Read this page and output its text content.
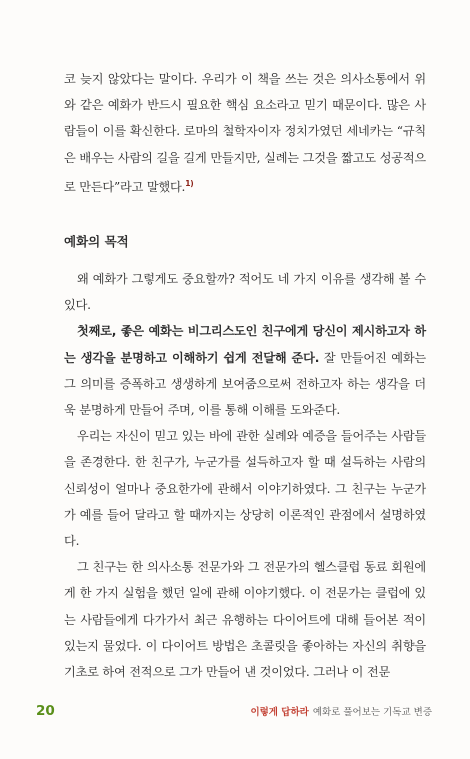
코 늦지 않았다는 말이다. 우리가 이 책을 쓰는 것은 의사소통에서 위와 같은 예화가 반드시 필요한 핵심 요소라고 믿기 때문이다. 많은 사람들이 이를 확신한다. 로마의 철학자이자 정치가였던 세네카는 “규칙은 배우는 사람의 길을 길게 만들지만, 실례는 그것을 짧고도 성공적으로 만든다”라고 말했다.$^{1)}$

예화의 목적

왜 예화가 그렇게도 중요할까? 적어도 네 가지 이유를 생각해 볼 수 있다.

첫째로, 좋은 예화는 비그리스도인 친구에게 당신이 제시하고자 하는 생각을 분명하고 이해하기 쉽게 전달해 준다. 잘 만들어진 예화는 그 의미를 증폭하고 생생하게 보여줌으로써 전하고자 하는 생각을 더욱 분명하게 만들어 주며, 이를 통해 이해를 도와준다.

우리는 자신이 믿고 있는 바에 관한 실례와 예증을 들어주는 사람들을 존경한다. 한 친구가, 누군가를 설득하고자 할 때 설득하는 사람의 신뢰성이 얼마나 중요한가에 관해서 이야기하였다. 그 친구는 누군가가 예를 들어 달라고 할 때까지는 상당히 이론적인 관점에서 설명하였다.

그 친구는 한 의사소통 전문가와 그 전문가의 헬스클럽 동료 회원에게 한 가지 실험을 했던 일에 관해 이야기했다. 이 전문가는 클럽에 있는 사람들에게 다가가서 최근 유행하는 다이어트에 대해 들어본 적이 있는지 물었다. 이 다이어트 방법은 초콜릿을 좋아하는 자신의 취향을 기초로 하여 전적으로 그가 만들어 낸 것이었다. 그러나 이 전문

20	이렇게 답하라 예화로 풀어보는 기독교 변증
